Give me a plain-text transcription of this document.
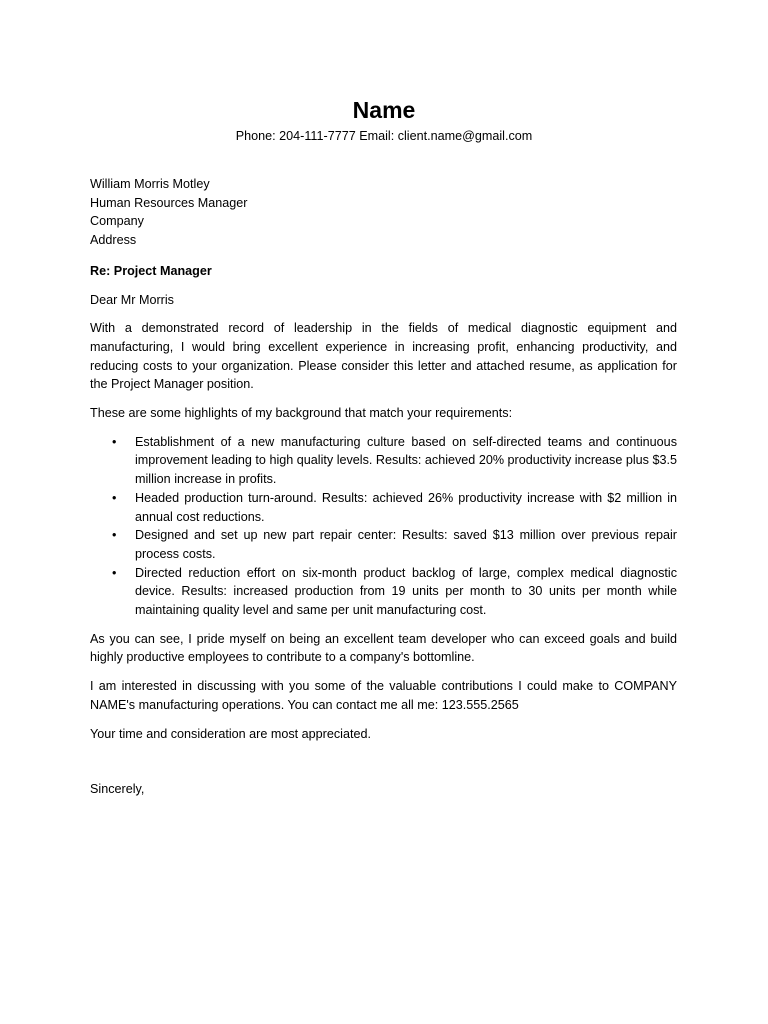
Name
Phone: 204-111-7777 Email: client.name@gmail.com
William Morris Motley
Human Resources Manager
Company
Address
Re: Project Manager
Dear Mr Morris
With a demonstrated record of leadership in the fields of medical diagnostic equipment and manufacturing, I would bring excellent experience in increasing profit, enhancing productivity, and reducing costs to your organization. Please consider this letter and attached resume, as application for the Project Manager position.
These are some highlights of my background that match your requirements:
• Establishment of a new manufacturing culture based on self-directed teams and continuous improvement leading to high quality levels. Results: achieved 20% productivity increase plus $3.5 million increase in profits.
• Headed production turn-around. Results: achieved 26% productivity increase with $2 million in annual cost reductions.
• Designed and set up new part repair center: Results: saved $13 million over previous repair process costs.
• Directed reduction effort on six-month product backlog of large, complex medical diagnostic device. Results: increased production from 19 units per month to 30 units per month while maintaining quality level and same per unit manufacturing cost.
As you can see, I pride myself on being an excellent team developer who can exceed goals and build highly productive employees to contribute to a company's bottomline.
I am interested in discussing with you some of the valuable contributions I could make to COMPANY NAME's manufacturing operations. You can contact me all me: 123.555.2565
Your time and consideration are most appreciated.
Sincerely,
